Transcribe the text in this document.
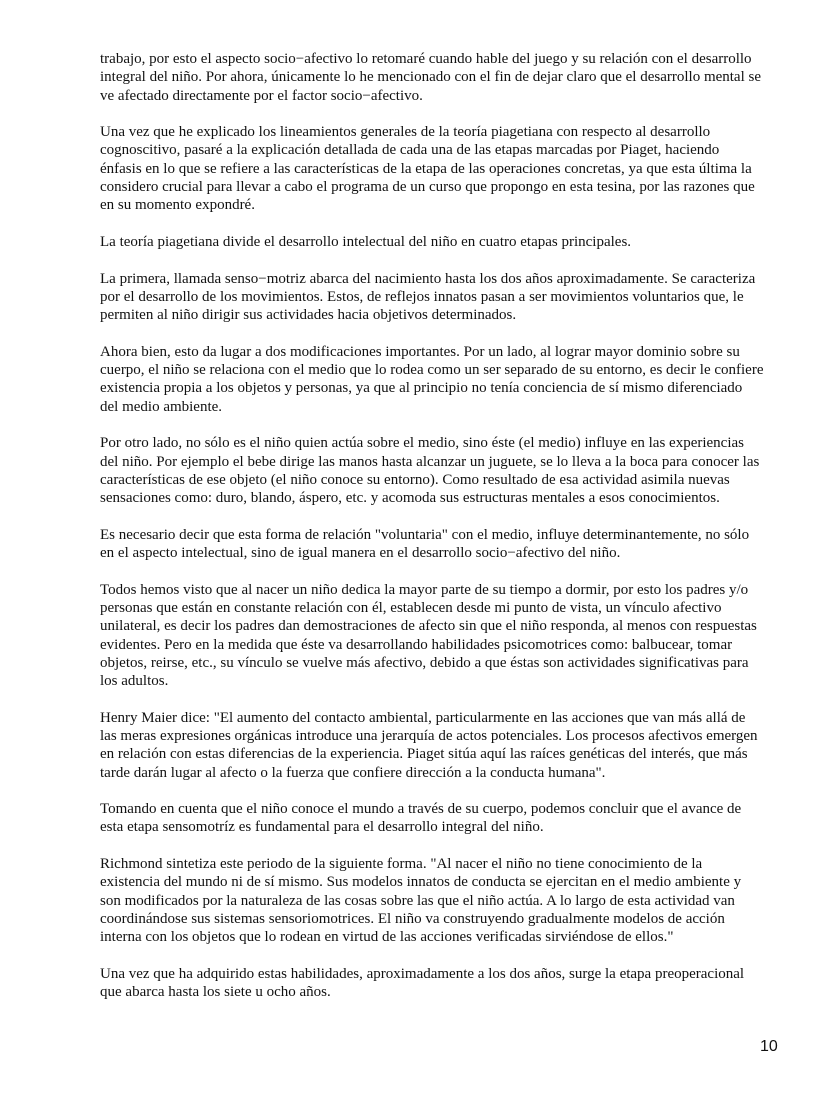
trabajo, por esto el aspecto socio−afectivo lo retomaré cuando hable del juego y su relación con el desarrollo
integral del niño. Por ahora, únicamente lo he mencionado con el fin de dejar claro que el desarrollo mental se
ve afectado directamente por el factor socio−afectivo.

Una vez que he explicado los lineamientos generales de la teoría piagetiana con respecto al desarrollo
cognoscitivo, pasaré a la explicación detallada de cada una de las etapas marcadas por Piaget, haciendo
énfasis en lo que se refiere a las características de la etapa de las operaciones concretas, ya que esta última la
considero crucial para llevar a cabo el programa de un curso que propongo en esta tesina, por las razones que
en su momento expondré.

La teoría piagetiana divide el desarrollo intelectual del niño en cuatro etapas principales.

La primera, llamada senso−motriz abarca del nacimiento hasta los dos años aproximadamente. Se caracteriza
por el desarrollo de los movimientos. Estos, de reflejos innatos pasan a ser movimientos voluntarios que, le
permiten al niño dirigir sus actividades hacia objetivos determinados.

Ahora bien, esto da lugar a dos modificaciones importantes. Por un lado, al lograr mayor dominio sobre su
cuerpo, el niño se relaciona con el medio que lo rodea como un ser separado de su entorno, es decir le confiere
existencia propia a los objetos y personas, ya que al principio no tenía conciencia de sí mismo diferenciado
del medio ambiente.

Por otro lado, no sólo es el niño quien actúa sobre el medio, sino éste (el medio) influye en las experiencias
del niño. Por ejemplo el bebe dirige las manos hasta alcanzar un juguete, se lo lleva a la boca para conocer las
características de ese objeto (el niño conoce su entorno). Como resultado de esa actividad asimila nuevas
sensaciones como: duro, blando, áspero, etc. y acomoda sus estructuras mentales a esos conocimientos.

Es necesario decir que esta forma de relación "voluntaria" con el medio, influye determinantemente, no sólo
en el aspecto intelectual, sino de igual manera en el desarrollo socio−afectivo del niño.

Todos hemos visto que al nacer un niño dedica la mayor parte de su tiempo a dormir, por esto los padres y/o
personas que están en constante relación con él, establecen desde mi punto de vista, un vínculo afectivo
unilateral, es decir los padres dan demostraciones de afecto sin que el niño responda, al menos con respuestas
evidentes. Pero en la medida que éste va desarrollando habilidades psicomotrices como: balbucear, tomar
objetos, reirse, etc., su vínculo se vuelve más afectivo, debido a que éstas son actividades significativas para
los adultos.

Henry Maier dice: "El aumento del contacto ambiental, particularmente en las acciones que van más allá de
las meras expresiones orgánicas introduce una jerarquía de actos potenciales. Los procesos afectivos emergen
en relación con estas diferencias de la experiencia. Piaget sitúa aquí las raíces genéticas del interés, que más
tarde darán lugar al afecto o la fuerza que confiere dirección a la conducta humana".

Tomando en cuenta que el niño conoce el mundo a través de su cuerpo, podemos concluir que el avance de
esta etapa sensomotríz es fundamental para el desarrollo integral del niño.

Richmond sintetiza este periodo de la siguiente forma. "Al nacer el niño no tiene conocimiento de la
existencia del mundo ni de sí mismo. Sus modelos innatos de conducta se ejercitan en el medio ambiente y
son modificados por la naturaleza de las cosas sobre las que el niño actúa. A lo largo de esta actividad van
coordinándose sus sistemas sensoriomotrices. El niño va construyendo gradualmente modelos de acción
interna con los objetos que lo rodean en virtud de las acciones verificadas sirviéndose de ellos."

Una vez que ha adquirido estas habilidades, aproximadamente a los dos años, surge la etapa preoperacional
que abarca hasta los siete u ocho años.

10
